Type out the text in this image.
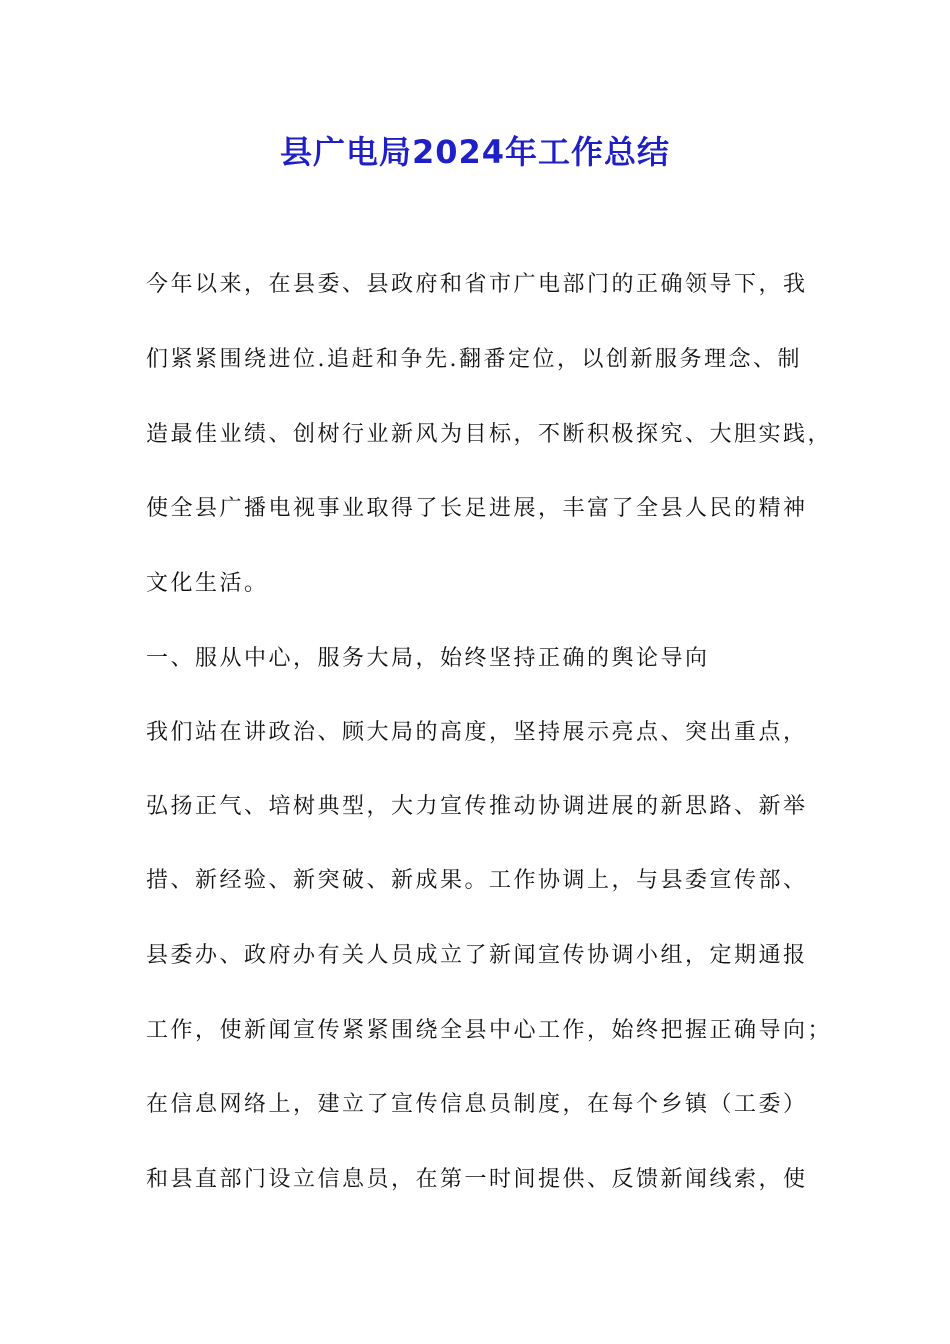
县广电局2024年工作总结

今年以来，在县委、县政府和省市广电部门的正确领导下，我

们紧紧围绕进位.追赶和争先.翻番定位，以创新服务理念、制

造最佳业绩、创树行业新风为目标，不断积极探究、大胆实践，

使全县广播电视事业取得了长足进展，丰富了全县人民的精神

文化生活。

一、服从中心，服务大局，始终坚持正确的舆论导向

我们站在讲政治、顾大局的高度，坚持展示亮点、突出重点，

弘扬正气、培树典型，大力宣传推动协调进展的新思路、新举

措、新经验、新突破、新成果。工作协调上，与县委宣传部、

县委办、政府办有关人员成立了新闻宣传协调小组，定期通报

工作，使新闻宣传紧紧围绕全县中心工作，始终把握正确导向；

在信息网络上，建立了宣传信息员制度，在每个乡镇（工委）

和县直部门设立信息员，在第一时间提供、反馈新闻线索，使
